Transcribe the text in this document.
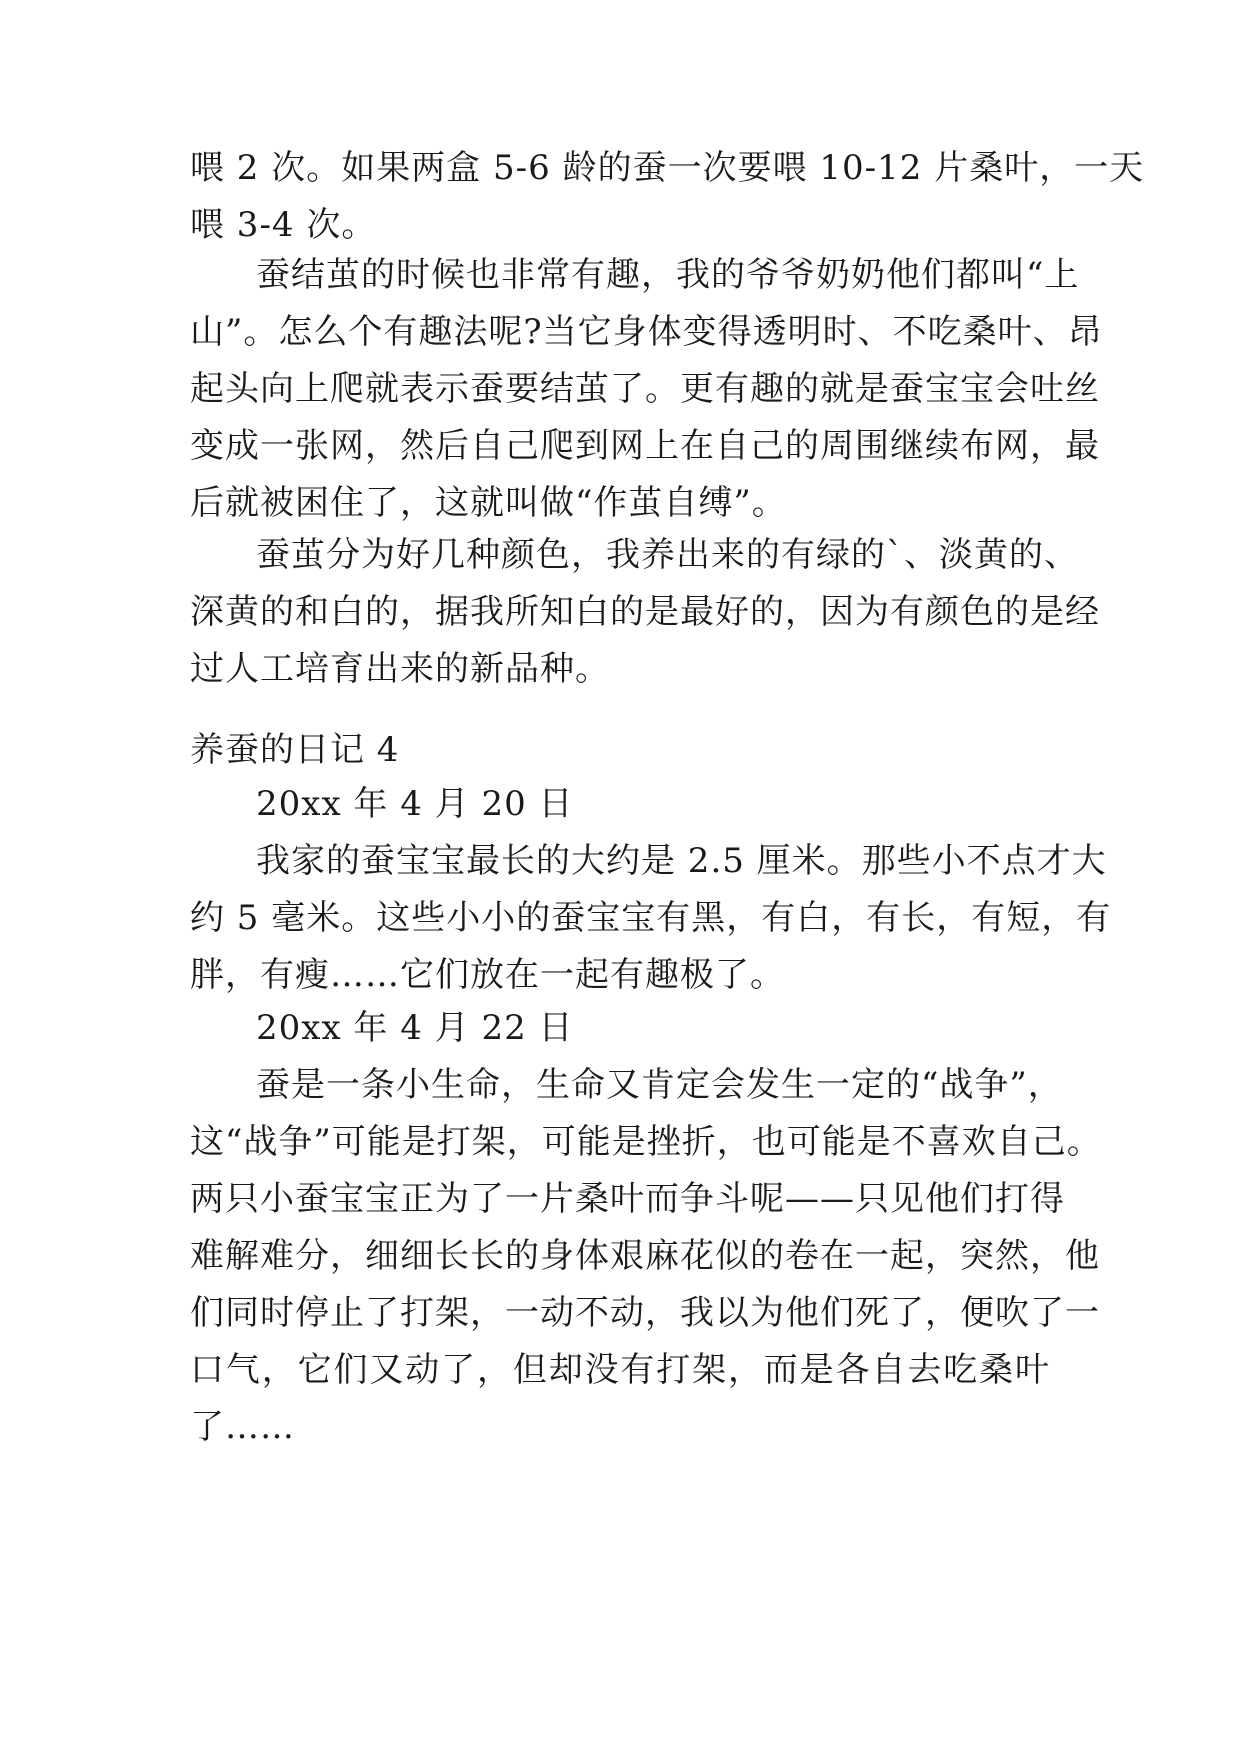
喂 2 次。如果两盒 5-6 龄的蚕一次要喂 10-12 片桑叶，一天
喂 3-4 次。
蚕结茧的时候也非常有趣，我的爷爷奶奶他们都叫“上
山”。怎么个有趣法呢?当它身体变得透明时、不吃桑叶、昂
起头向上爬就表示蚕要结茧了。更有趣的就是蚕宝宝会吐丝
变成一张网，然后自己爬到网上在自己的周围继续布网，最
后就被困住了，这就叫做“作茧自缚”。
蚕茧分为好几种颜色，我养出来的有绿的`、淡黄的、
深黄的和白的，据我所知白的是最好的，因为有颜色的是经
过人工培育出来的新品种。
养蚕的日记 4
20xx 年 4 月 20 日
我家的蚕宝宝最长的大约是 2.5 厘米。那些小不点才大
约 5 毫米。这些小小的蚕宝宝有黑，有白，有长，有短，有
胖，有瘦……它们放在一起有趣极了。
20xx 年 4 月 22 日
蚕是一条小生命，生命又肯定会发生一定的“战争”，
这“战争”可能是打架，可能是挫折，也可能是不喜欢自己。
两只小蚕宝宝正为了一片桑叶而争斗呢——只见他们打得
难解难分，细细长长的身体艰麻花似的卷在一起，突然，他
们同时停止了打架，一动不动，我以为他们死了，便吹了一
口气，它们又动了，但却没有打架，而是各自去吃桑叶
了……
